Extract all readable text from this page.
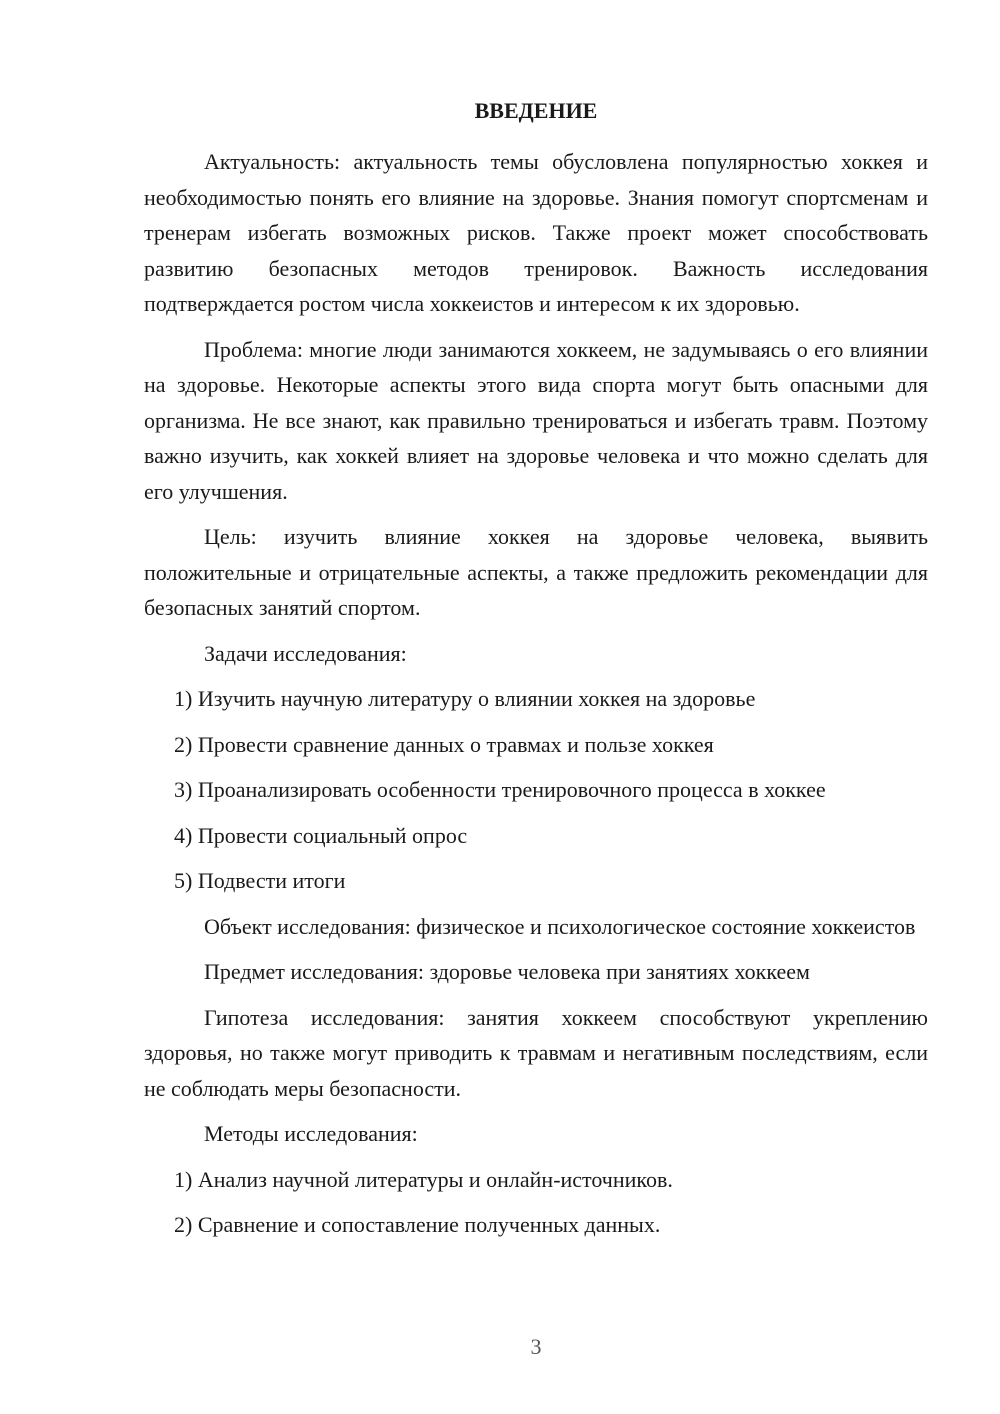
ВВЕДЕНИЕ

Актуальность: актуальность темы обусловлена популярностью хоккея и необходимостью понять его влияние на здоровье. Знания помогут спортсменам и тренерам избегать возможных рисков. Также проект может способствовать развитию безопасных методов тренировок. Важность исследования подтверждается ростом числа хоккеистов и интересом к их здоровью.

Проблема: многие люди занимаются хоккеем, не задумываясь о его влиянии на здоровье. Некоторые аспекты этого вида спорта могут быть опасными для организма. Не все знают, как правильно тренироваться и избегать травм. Поэтому важно изучить, как хоккей влияет на здоровье человека и что можно сделать для его улучшения.

Цель: изучить влияние хоккея на здоровье человека, выявить положительные и отрицательные аспекты, а также предложить рекомендации для безопасных занятий спортом.

Задачи исследования:

1) Изучить научную литературу о влиянии хоккея на здоровье
2) Провести сравнение данных о травмах и пользе хоккея
3) Проанализировать особенности тренировочного процесса в хоккее
4) Провести социальный опрос
5) Подвести итоги

Объект исследования: физическое и психологическое состояние хоккеистов

Предмет исследования: здоровье человека при занятиях хоккеем

Гипотеза исследования: занятия хоккеем способствуют укреплению здоровья, но также могут приводить к травмам и негативным последствиям, если не соблюдать меры безопасности.

Методы исследования:

1) Анализ научной литературы и онлайн-источников.
2) Сравнение и сопоставление полученных данных.
3
